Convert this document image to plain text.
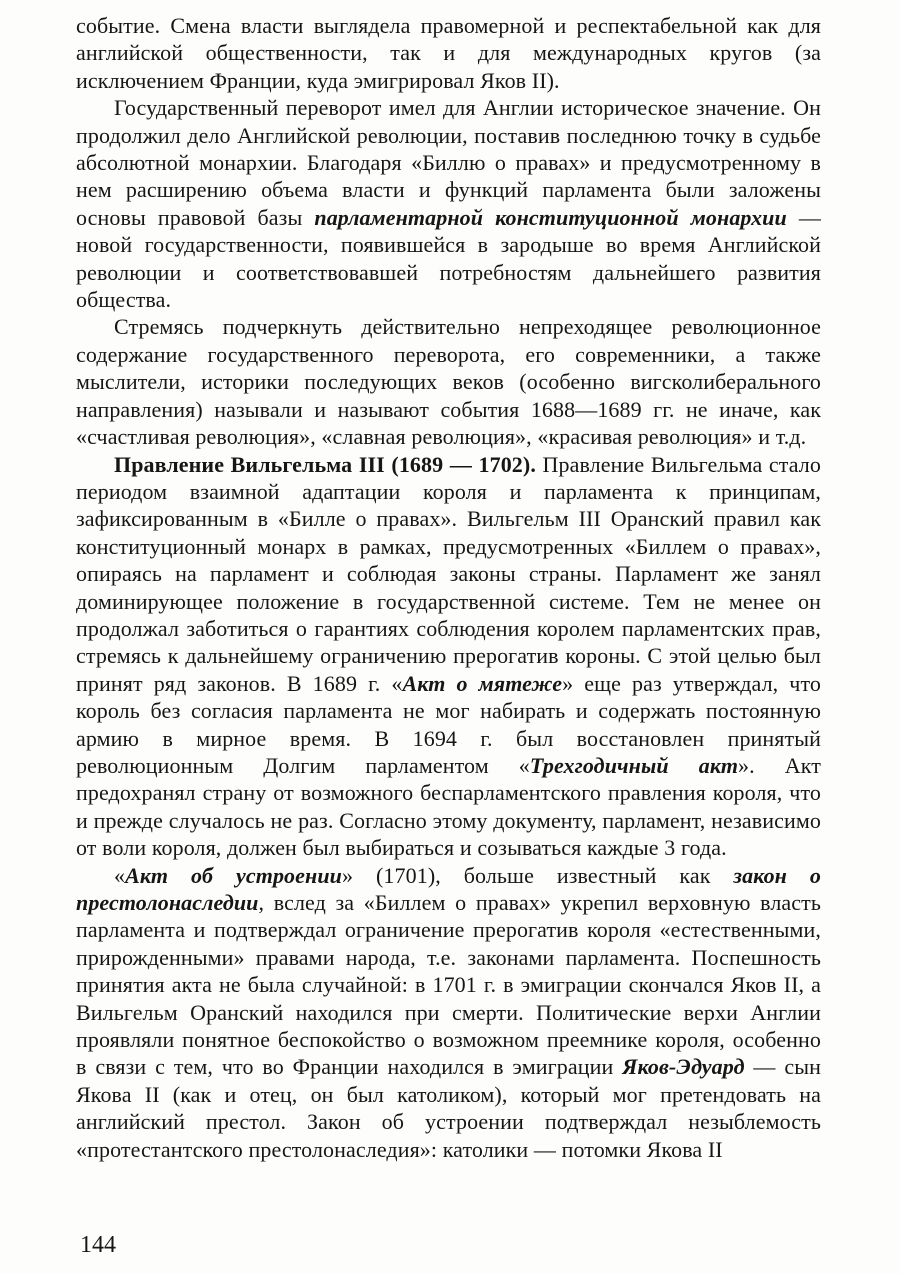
событие. Смена власти выглядела правомерной и респектабельной как для английской общественности, так и для международных кругов (за исключением Франции, куда эмигрировал Яков II).

Государственный переворот имел для Англии историческое значение. Он продолжил дело Английской революции, поставив последнюю точку в судьбе абсолютной монархии. Благодаря «Биллю о правах» и предусмотренному в нем расширению объема власти и функций парламента были заложены основы правовой базы парламентарной конституционной монархии — новой государственности, появившейся в зародыше во время Английской революции и соответствовавшей потребностям дальнейшего развития общества.

Стремясь подчеркнуть действительно непреходящее революционное содержание государственного переворота, его современники, а также мыслители, историки последующих веков (особенно вигсколиберального направления) называли и называют события 1688—1689 гг. не иначе, как «счастливая революция», «славная революция», «красивая революция» и т.д.

Правление Вильгельма III (1689 — 1702). Правление Вильгельма стало периодом взаимной адаптации короля и парламента к принципам, зафиксированным в «Билле о правах». Вильгельм III Оранский правил как конституционный монарх в рамках, предусмотренных «Биллем о правах», опираясь на парламент и соблюдая законы страны. Парламент же занял доминирующее положение в государственной системе. Тем не менее он продолжал заботиться о гарантиях соблюдения королем парламентских прав, стремясь к дальнейшему ограничению прерогатив короны. С этой целью был принят ряд законов. В 1689 г. «Акт о мятеже» еще раз утверждал, что король без согласия парламента не мог набирать и содержать постоянную армию в мирное время. В 1694 г. был восстановлен принятый революционным Долгим парламентом «Трехгодичный акт». Акт предохранял страну от возможного беспарламентского правления короля, что и прежде случалось не раз. Согласно этому документу, парламент, независимо от воли короля, должен был выбираться и созываться каждые 3 года.

«Акт об устроении» (1701), больше известный как закон о престолонаследии, вслед за «Биллем о правах» укрепил верховную власть парламента и подтверждал ограничение прерогатив короля «естественными, прирожденными» правами народа, т.е. законами парламента. Поспешность принятия акта не была случайной: в 1701 г. в эмиграции скончался Яков II, а Вильгельм Оранский находился при смерти. Политические верхи Англии проявляли понятное беспокойство о возможном преемнике короля, особенно в связи с тем, что во Франции находился в эмиграции Яков-Эдуард — сын Якова II (как и отец, он был католиком), который мог претендовать на английский престол. Закон об устроении подтверждал незыблемость «протестантского престолонаследия»: католики — потомки Якова II

144
